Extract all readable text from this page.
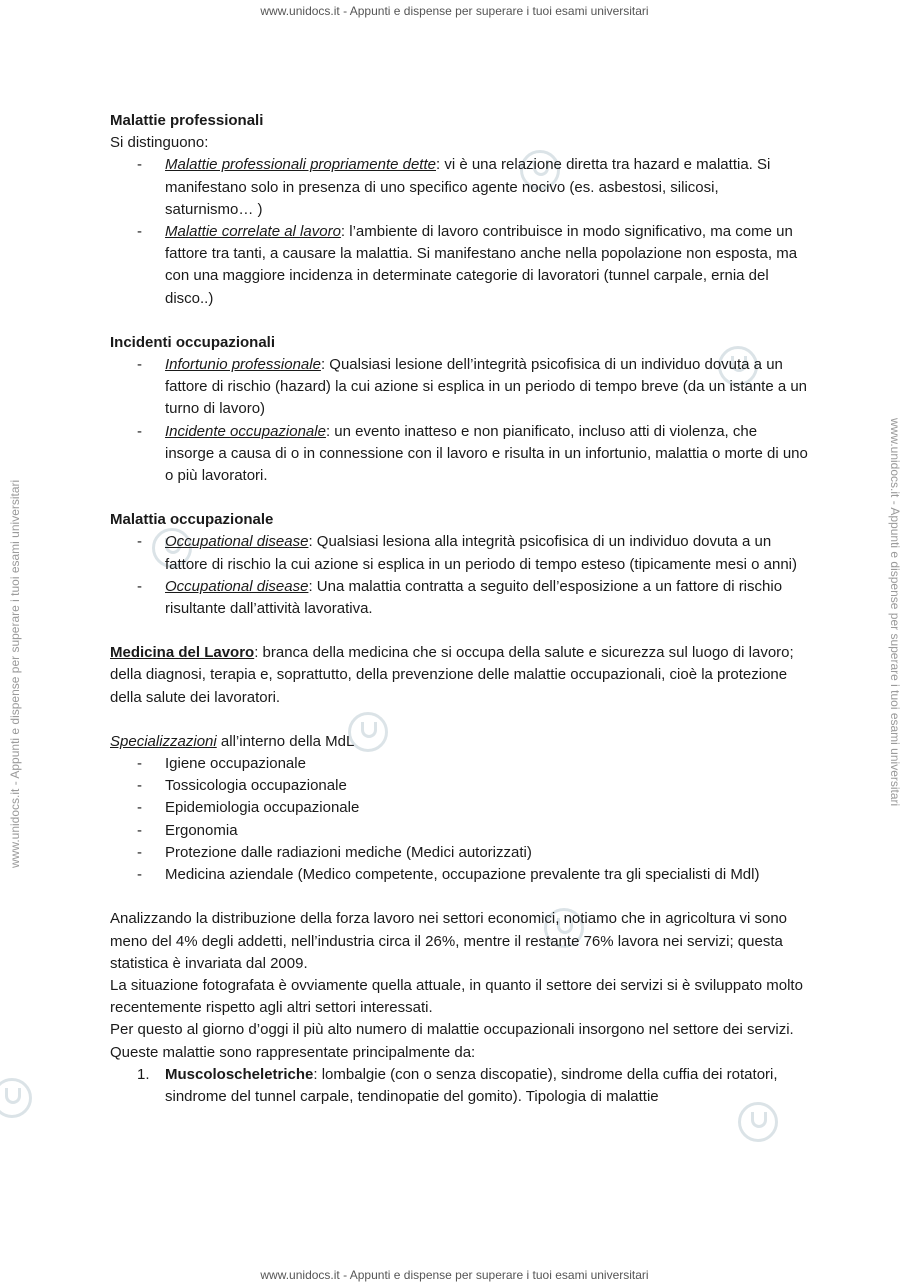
www.unidocs.it - Appunti e dispense per superare i tuoi esami universitari
www.unidocs.it - Appunti e dispense per superare i tuoi esami universitari	www.unidocs.it - Appunti e dispense per superare i tuoi esami universitari

Malattie professionali

Si distinguono:

- Malattie professionali propriamente dette: vi è una relazione diretta tra hazard e malattia. Si manifestano solo in presenza di uno specifico agente nocivo (es. asbestosi, silicosi, saturnismo… )
- Malattie correlate al lavoro: l’ambiente di lavoro contribuisce in modo significativo, ma come un fattore tra tanti, a causare la malattia. Si manifestano anche nella popolazione non esposta, ma con una maggiore incidenza in determinate categorie di lavoratori (tunnel carpale, ernia del disco..)

Incidenti occupazionali

- Infortunio professionale: Qualsiasi lesione dell’integrità psicofisica di un individuo dovuta a un fattore di rischio (hazard) la cui azione si esplica in un periodo di tempo breve (da un istante a un turno di lavoro)
- Incidente occupazionale: un evento inatteso e non pianificato, incluso atti di violenza, che insorge a causa di o in connessione con il lavoro e risulta in un infortunio, malattia o morte di uno o più lavoratori.

Malattia occupazionale

- Occupational disease: Qualsiasi lesiona alla integrità psicofisica di un individuo dovuta a un fattore di rischio la cui azione si esplica in un periodo di tempo esteso (tipicamente mesi o anni)
- Occupational disease: Una malattia contratta a seguito dell’esposizione a un fattore di rischio risultante dall’attività lavorativa.

Medicina del Lavoro: branca della medicina che si occupa della salute e sicurezza sul luogo di lavoro; della diagnosi, terapia e, soprattutto, della prevenzione delle malattie occupazionali, cioè la protezione della salute dei lavoratori.

Specializzazioni all’interno della MdL

- Igiene occupazionale
- Tossicologia occupazionale
- Epidemiologia occupazionale
- Ergonomia
- Protezione dalle radiazioni mediche (Medici autorizzati)
- Medicina aziendale (Medico competente, occupazione prevalente tra gli specialisti di Mdl)

Analizzando la distribuzione della forza lavoro nei settori economici, notiamo che in agricoltura vi sono meno del 4% degli addetti, nell’industria circa il 26%, mentre il restante 76% lavora nei servizi; questa statistica è invariata dal 2009.

La situazione fotografata è ovviamente quella attuale, in quanto il settore dei servizi si è sviluppato molto recentemente rispetto agli altri settori interessati.

Per questo al giorno d’oggi il più alto numero di malattie occupazionali insorgono nel settore dei servizi.

Queste malattie sono rappresentate principalmente da:

1. Muscoloscheletriche: lombalgie (con o senza discopatie), sindrome della cuffia dei rotatori, sindrome del tunnel carpale, tendinopatie del gomito). Tipologia di malattie
www.unidocs.it - Appunti e dispense per superare i tuoi esami universitari
